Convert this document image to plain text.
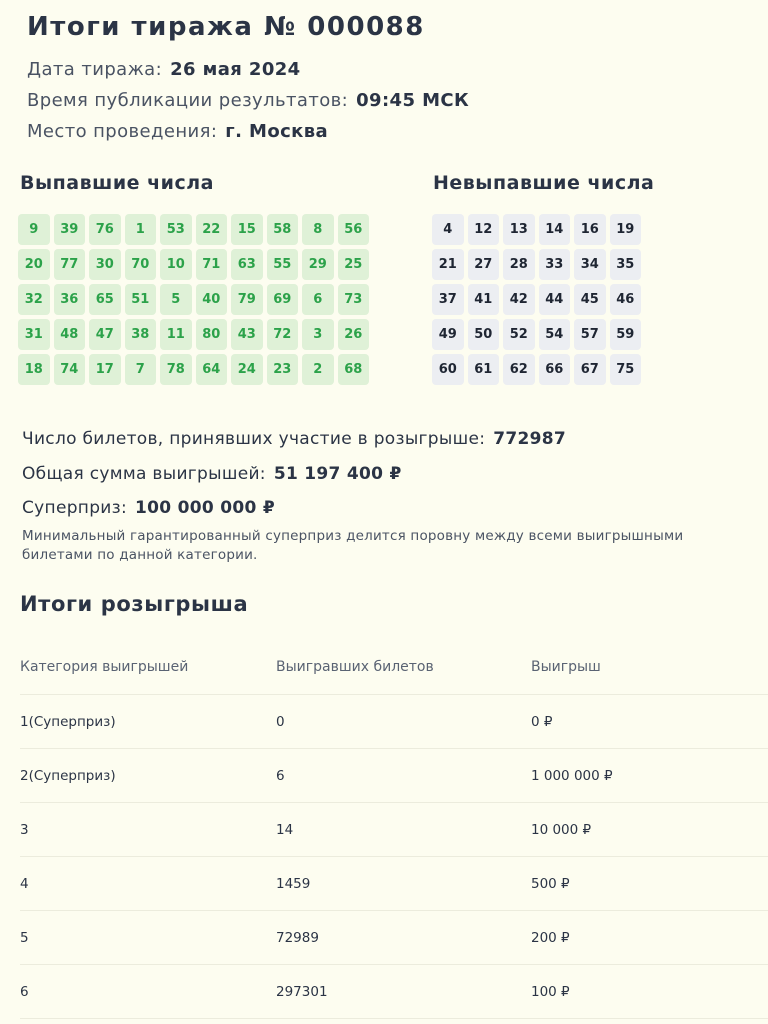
Итоги тиража № 000088
Дата тиража: 26 мая 2024
Время публикации результатов: 09:45 МСК
Место проведения: г. Москва
Выпавшие числа	Невыпавшие числа
9	39	76	1	53	22	15	58	8	56
20	77	30	70	10	71	63	55	29	25
32	36	65	51	5	40	79	69	6	73
31	48	47	38	11	80	43	72	3	26
18	74	17	7	78	64	24	23	2	68
4	12	13	14	16	19
21	27	28	33	34	35
37	41	42	44	45	46
49	50	52	54	57	59
60	61	62	66	67	75
Число билетов, принявших участие в розыгрыше: 772987
Общая сумма выигрышей: 51 197 400 ₽
Суперприз: 100 000 000 ₽

Минимальный гарантированный суперприз делится поровну между всеми выигрышными билетами по данной категории.

Итоги розыгрыша
Категория выигрышей	Выигравших билетов	Выигрыш
1(Суперприз)	0	0 ₽
2(Суперприз)	6	1 000 000 ₽
3	14	10 000 ₽
4	1459	500 ₽
5	72989	200 ₽
6	297301	100 ₽
